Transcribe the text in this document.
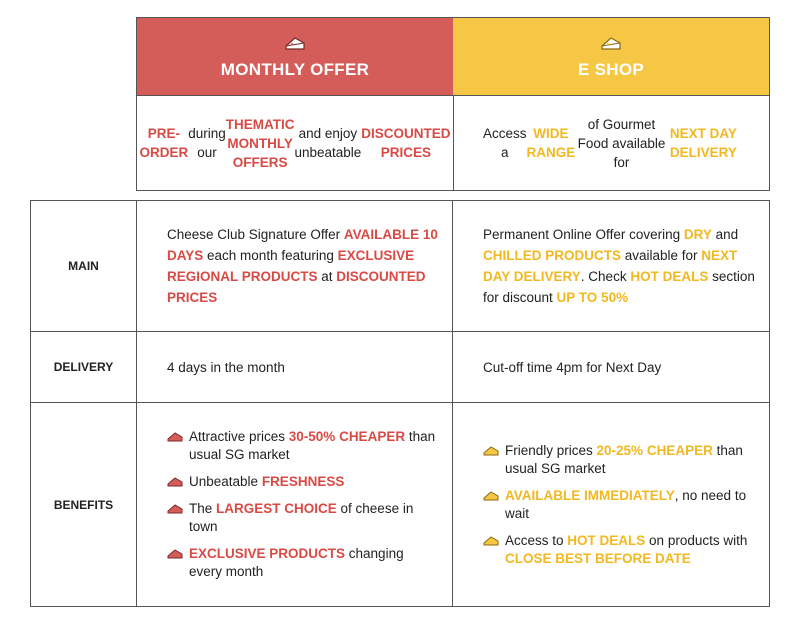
MONTHLY OFFER
PRE-ORDER
during our
THEMATIC MONTHLY OFFERS
and enjoy unbeatable
DISCOUNTED PRICES
E SHOP
Access a
WIDE RANGE
of Gourmet Food available for
NEXT DAY DELIVERY
MAIN
Cheese Club Signature Offer AVAILABLE 10 DAYS each month featuring EXCLUSIVE REGIONAL PRODUCTS at DISCOUNTED PRICES
Permanent Online Offer covering DRY and CHILLED PRODUCTS available for NEXT DAY DELIVERY. Check HOT DEALS section for discount UP TO 50%
DELIVERY	4 days in the month	Cut-off time 4pm for Next Day
BENEFITS
Attractive prices 30-50% CHEAPER than usual SG market
Unbeatable FRESHNESS
The LARGEST CHOICE of cheese in town
EXCLUSIVE PRODUCTS changing every month
Friendly prices 20-25% CHEAPER than usual SG market
AVAILABLE IMMEDIATELY, no need to wait
Access to HOT DEALS on products with CLOSE BEST BEFORE DATE
